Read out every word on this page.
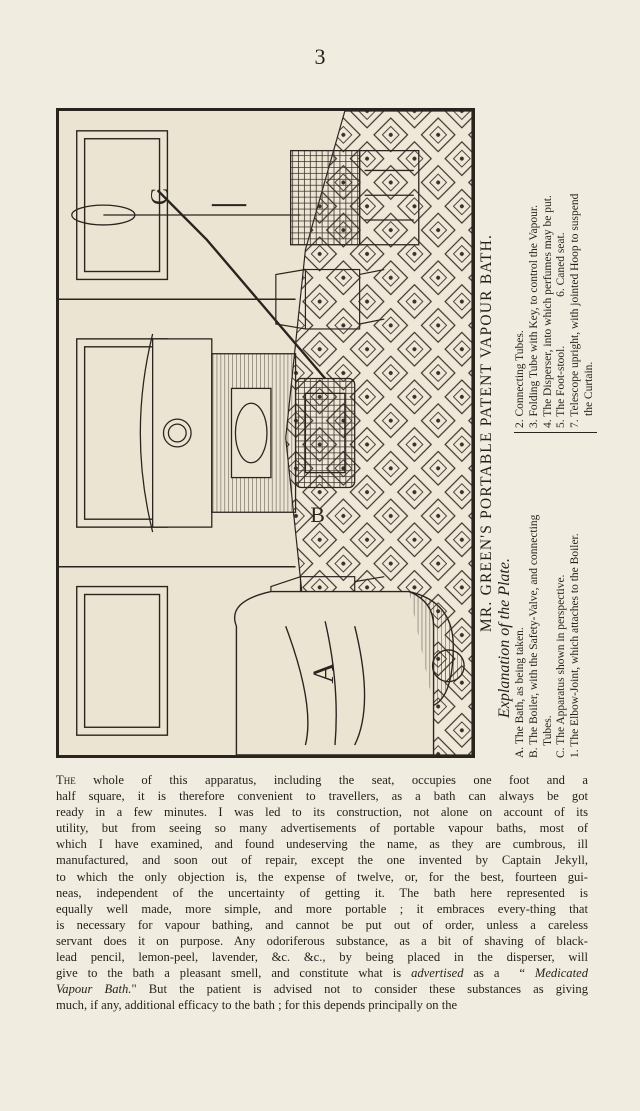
3
B
A
C
MR. GREEN'S PORTABLE PATENT VAPOUR BATH.
Explanation of the Plate. A. The Bath, as being taken. B. The Boiler, with the Safety-Valve, and connecting Tubes. C. The Apparatus shown in perspective. 1. The Elbow-Joint, which attaches to the Boiler.
2. Connecting Tubes. 3. Folding Tube with Key, to control the Vapour. 4. The Disperser, into which perfumes may be put. 5. The Foot-stool.                 6. Caned seat. 7. Telescope upright, with jointed Hoop to suspend the Curtain.
The whole of this apparatus, including the seat, occupies one foot and a
half square, it is therefore convenient to travellers, as a bath can always be got
ready in a few minutes. I was led to its construction, not alone on account of its
utility, but from seeing so many advertisements of portable vapour baths, most of
which I have examined, and found undeserving the name, as they are cumbrous, ill
manufactured, and soon out of repair, except the one invented by Captain Jekyll,
to which the only objection is, the expense of twelve, or, for the best, fourteen gui-
neas, independent of the uncertainty of getting it. The bath here represented is
equally well made, more simple, and more portable ; it embraces every-thing that
is necessary for vapour bathing, and cannot be put out of order, unless a careless
servant does it on purpose. Any odoriferous substance, as a bit of shaving of black-
lead pencil, lemon-peel, lavender, &c. &c., by being placed in the disperser, will
give to the bath a pleasant smell, and constitute what is advertised as a  “ Medicated
Vapour Bath." But the patient is advised not to consider these substances as giving
much, if any, additional efficacy to the bath ; for this depends principally on the
